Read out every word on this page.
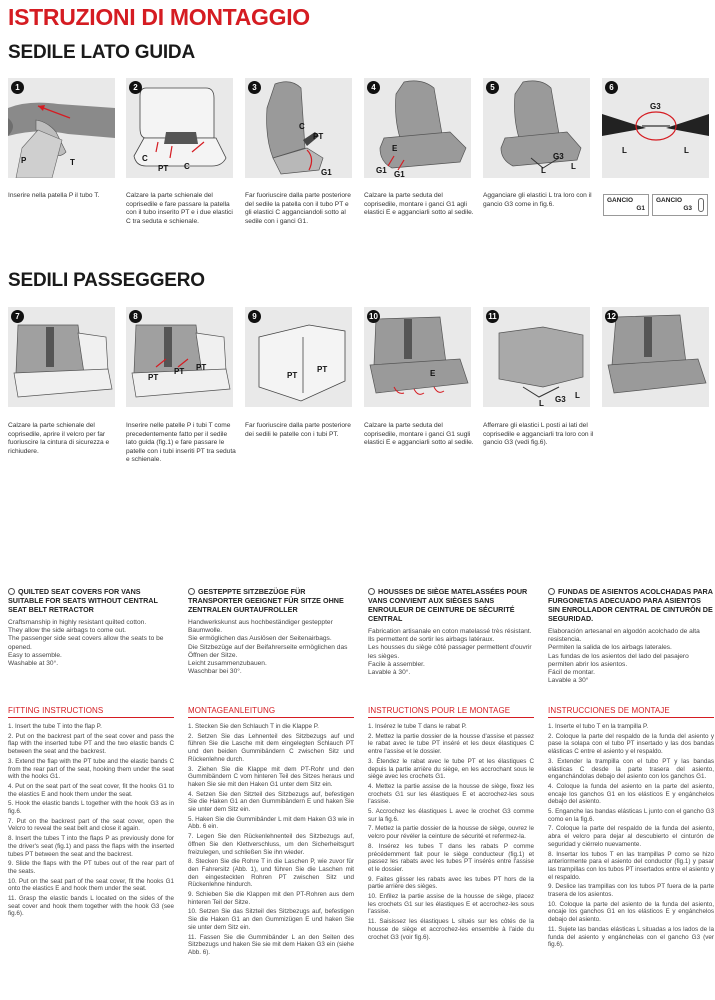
ISTRUZIONI DI MONTAGGIO
SEDILE LATO GUIDA
1
P	T
2
C
PT C
3
C
PT
G1
4
E
G1 G1
5
G3
L	L
6
G3
L	L
Inserire nella patella P il tubo T.	Calzare la parte schienale del coprisedile e fare passare la patella con il tubo inserito PT e i due elastici C tra seduta e schienale.
Far fuoriuscire dalla parte posteriore del sedile la patella con il tubo PT e gli elastici C agganciandoli sotto al sedile con i ganci G1.
Calzare la parte seduta del coprisedile, montare i ganci G1 agli elastici E e agganciarli sotto al sedile.
Agganciare gli elastici L tra loro con il gancio G3 come in fig.6.
GANCIO
G1
GANCIO
G3
SEDILI PASSEGGERO
7	8
PT
PT PT
9
PT
PT
10
E
11
L G3 L
12
Calzare la parte schienale del coprisedile, aprire il velcro per far fuoriuscire la cintura di sicurezza e richiudere.
Inserire nelle patelle P i tubi T come precedentemente fatto per il sedile lato guida (fig.1) e fare passare le patelle con i tubi inseriti PT tra seduta e schienale.
Far fuoriuscire dalla parte posteriore dei sedili le patelle con i tubi PT.
Calzare la parte seduta del coprisedile, montare i ganci G1 sugli elastici E e agganciarli sotto al sedile.
Afferrare gli elastici L posti ai lati del coprisedile e agganciarli tra loro con il gancio G3 (vedi fig.6).
QUILTED SEAT COVERS FOR VANS SUITABLE FOR SEATS WITHOUT CENTRAL SEAT BELT RETRACTOR

Craftsmanship in highly resistant quilted cotton.

They allow the side airbags to come out.

The passenger side seat covers allow the seats to be opened.

Easy to assemble.

Washable at 30°.

GESTEPPTE SITZBEZÜGE FÜR TRANSPORTER GEEIGNET FÜR SITZE OHNE ZENTRALEN GURTAUFROLLER

Handwerkskunst aus hochbeständiger gesteppter Baumwolle.

Sie ermöglichen das Auslösen der Seitenairbags.

Die Sitzbezüge auf der Beifahrerseite ermöglichen das Öffnen der Sitze.

Leicht zusammenzubauen.

Waschbar bei 30°.

HOUSSES DE SIÈGE MATELASSÉES POUR VANS CONVIENT AUX SIÈGES SANS ENROULEUR DE CEINTURE DE SÉCURITÉ CENTRAL

Fabrication artisanale en coton matelassé très résistant.

Ils permettent de sortir les airbags latéraux.

Les housses du siège côté passager permettent d'ouvrir les sièges.

Facile à assembler.

Lavable à 30°.

FUNDAS DE ASIENTOS ACOLCHADAS PARA FURGONETAS ADECUADO PARA ASIENTOS SIN ENROLLADOR CENTRAL DE CINTURÓN DE SEGURIDAD.

Elaboración artesanal en algodón acolchado de alta resistencia.

Permiten la salida de los airbags laterales.

Las fundas de los asientos del lado del pasajero permiten abrir los asientos.

Fácil de montar.

Lavable a 30°

FITTING INSTRUCTIONS

1. Insert the tube T into the flap P.

2. Put on the backrest part of the seat cover and pass the flap with the inserted tube PT and the two elastic bands C between the seat and the backrest.

3. Extend the flap with the PT tube and the elastic bands C from the rear part of the seat, hooking them under the seat with the hooks G1.

4. Put on the seat part of the seat cover, fit the hooks G1 to the elastics E and hook them under the seat.

5. Hook the elastic bands L together with the hook G3 as in fig.6.

7. Put on the backrest part of the seat cover, open the Velcro to reveal the seat belt and close it again.

8. Insert the tubes T into the flaps P as previously done for the driver's seat (fig.1) and pass the flaps with the inserted tubes PT between the seat and the backrest.

9. Slide the flaps with the PT tubes out of the rear part of the seats.

10. Put on the seat part of the seat cover, fit the hooks G1 onto the elastics E and hook them under the seat.

11. Grasp the elastic bands L located on the sides of the seat cover and hook them together with the hook G3 (see fig.6).

MONTAGEANLEITUNG

1. Stecken Sie den Schlauch T in die Klappe P.

2. Setzen Sie das Lehnenteil des Sitzbezugs auf und führen Sie die Lasche mit dem eingelegten Schlauch PT und den beiden Gummibändern C zwischen Sitz und Rückenlehne durch.

3. Ziehen Sie die Klappe mit dem PT-Rohr und den Gummibändern C vom hinteren Teil des Sitzes heraus und haken Sie sie mit den Haken G1 unter dem Sitz ein.

4. Setzen Sie den Sitzteil des Sitzbezugs auf, befestigen Sie die Haken G1 an den Gummibändern E und haken Sie sie unter dem Sitz ein.

5. Haken Sie die Gummibänder L mit dem Haken G3 wie in Abb. 6 ein.

7. Legen Sie den Rückenlehnenteil des Sitzbezugs auf, öffnen Sie den Klettverschluss, um den Sicherheitsgurt freizulegen, und schließen Sie ihn wieder.

8. Stecken Sie die Rohre T in die Laschen P, wie zuvor für den Fahrersitz (Abb. 1), und führen Sie die Laschen mit den eingesteckten Rohren PT zwischen Sitz und Rückenlehne hindurch.

9. Schieben Sie die Klappen mit den PT-Rohren aus dem hinteren Teil der Sitze.

10. Setzen Sie das Sitzteil des Sitzbezugs auf, befestigen Sie die Haken G1 an den Gummizügen E und haken Sie sie unter dem Sitz ein.

11. Fassen Sie die Gummibänder L an den Seiten des Sitzbezugs und haken Sie sie mit dem Haken G3 ein (siehe Abb. 6).

INSTRUCTIONS POUR LE MONTAGE

1. Insérez le tube T dans le rabat P.

2. Mettez la partie dossier de la housse d'assise et passez le rabat avec le tube PT inséré et les deux élastiques C entre l'assise et le dossier.

3. Étendez le rabat avec le tube PT et les élastiques C depuis la partie arrière du siège, en les accrochant sous le siège avec les crochets G1.

4. Mettez la partie assise de la housse de siège, fixez les crochets G1 sur les élastiques E et accrochez-les sous l'assise.

5. Accrochez les élastiques L avec le crochet G3 comme sur la fig.6.

7. Mettez la partie dossier de la housse de siège, ouvrez le velcro pour révéler la ceinture de sécurité et refermez-la.

8. Insérez les tubes T dans les rabats P comme précédemment fait pour le siège conducteur (fig.1) et passez les rabats avec les tubes PT insérés entre l'assise et le dossier.

9. Faites glisser les rabats avec les tubes PT hors de la partie arrière des sièges.

10. Enfilez la partie assise de la housse de siège, placez les crochets G1 sur les élastiques E et accrochez-les sous l'assise.

11. Saisissez les élastiques L situés sur les côtés de la housse de siège et accrochez-les ensemble à l'aide du crochet G3 (voir fig.6).

INSTRUCCIONES DE MONTAJE

1. Inserte el tubo T en la trampilla P.

2. Coloque la parte del respaldo de la funda del asiento y pase la solapa con el tubo PT insertado y las dos bandas elásticas C entre el asiento y el respaldo.

3. Extender la trampilla con el tubo PT y las bandas elásticas C desde la parte trasera del asiento, enganchándolas debajo del asiento con los ganchos G1.

4. Coloque la funda del asiento en la parte del asiento, encaje los ganchos G1 en los elásticos E y engánchelos debajo del asiento.

5. Enganche las bandas elásticas L junto con el gancho G3 como en la fig.6.

7. Coloque la parte del respaldo de la funda del asiento, abra el velcro para dejar al descubierto el cinturón de seguridad y ciérrelo nuevamente.

8. Insertar los tubos T en las trampillas P como se hizo anteriormente para el asiento del conductor (fig.1) y pasar las trampillas con los tubos PT insertados entre el asiento y el respaldo.

9. Deslice las trampillas con los tubos PT fuera de la parte trasera de los asientos.

10. Coloque la parte del asiento de la funda del asiento, encaje los ganchos G1 en los elásticos E y engánchelos debajo del asiento.

11. Sujete las bandas elásticas L situadas a los lados de la funda del asiento y engánchelas con el gancho G3 (ver fig.6).
